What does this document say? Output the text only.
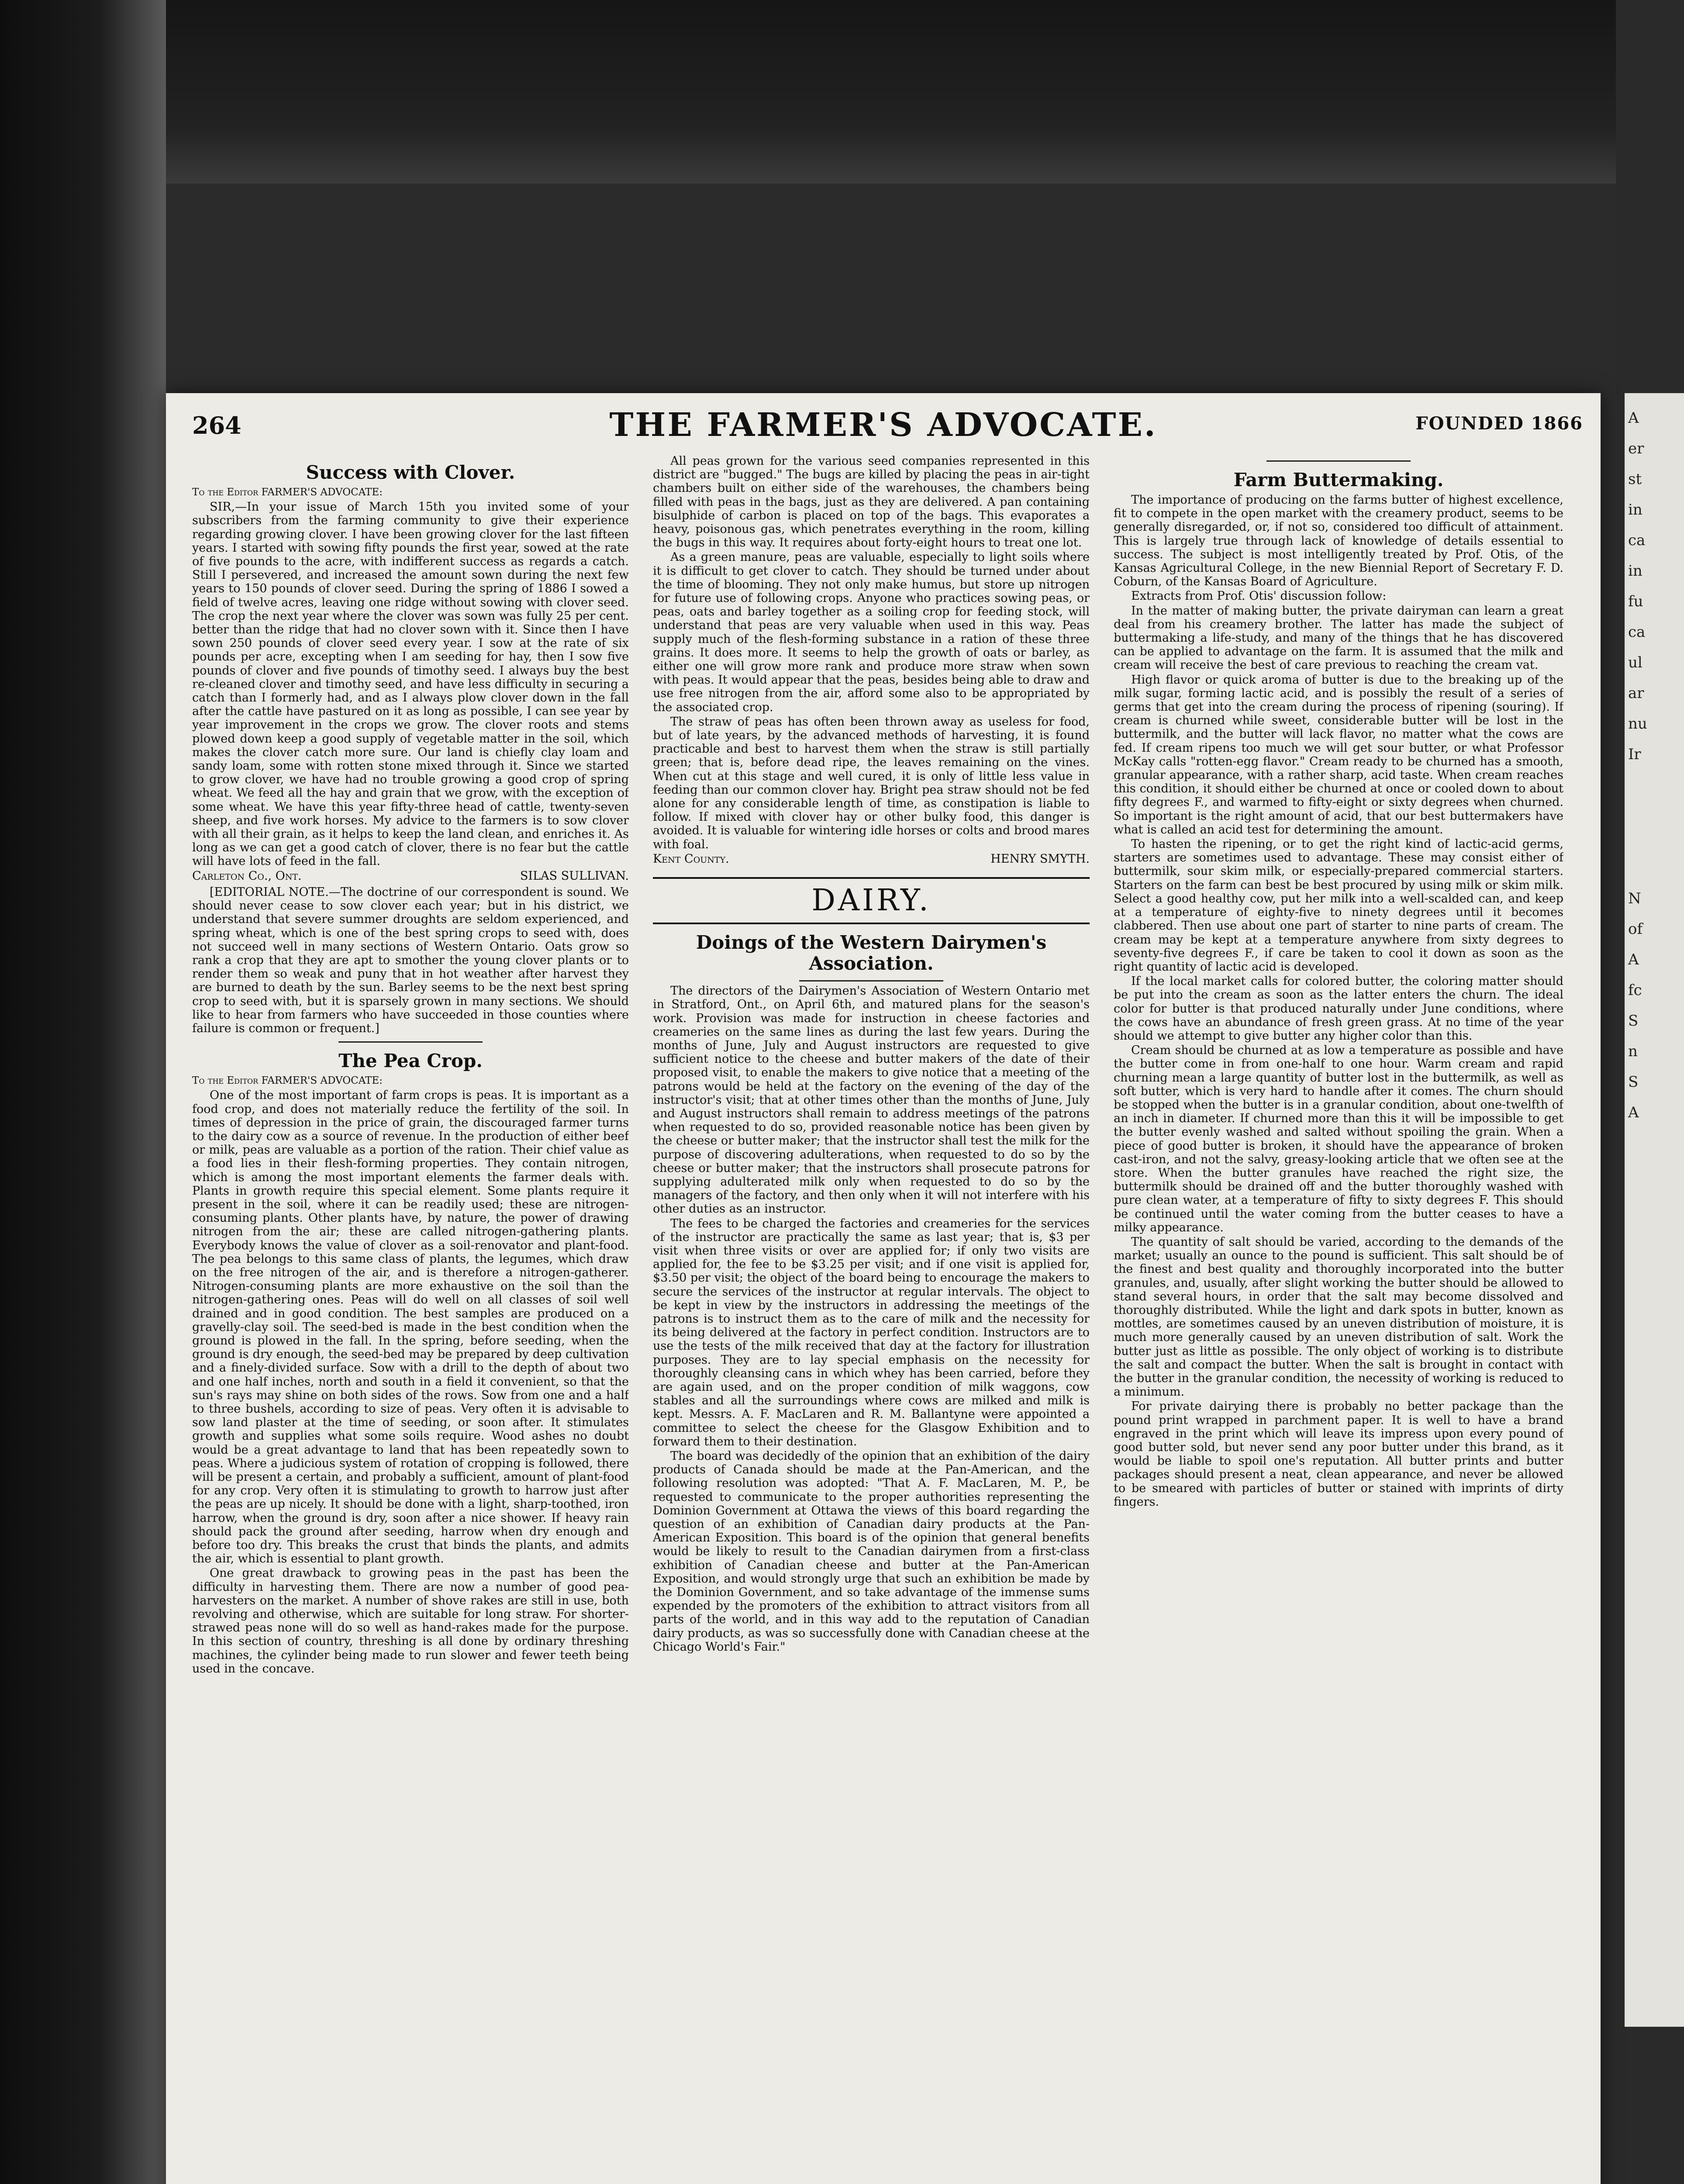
A
er
st
in
ca
in
fu
ca
ul
ar
nu
Ir
N
of
A
fc
S
n
S
A
264	THE FARMER'S ADVOCATE.	FOUNDED 1866
Success with Clover.

To the Editor FARMER'S ADVOCATE:

SIR,—In your issue of March 15th you invited some of your subscribers from the farming community to give their experience regarding growing clover. I have been growing clover for the last fifteen years. I started with sowing fifty pounds the first year, sowed at the rate of five pounds to the acre, with indifferent success as regards a catch. Still I persevered, and increased the amount sown during the next few years to 150 pounds of clover seed. During the spring of 1886 I sowed a field of twelve acres, leaving one ridge without sowing with clover seed. The crop the next year where the clover was sown was fully 25 per cent. better than the ridge that had no clover sown with it. Since then I have sown 250 pounds of clover seed every year. I sow at the rate of six pounds per acre, excepting when I am seeding for hay, then I sow five pounds of clover and five pounds of timothy seed. I always buy the best re-cleaned clover and timothy seed, and have less difficulty in securing a catch than I formerly had, and as I always plow clover down in the fall after the cattle have pastured on it as long as possible, I can see year by year improvement in the crops we grow. The clover roots and stems plowed down keep a good supply of vegetable matter in the soil, which makes the clover catch more sure. Our land is chiefly clay loam and sandy loam, some with rotten stone mixed through it. Since we started to grow clover, we have had no trouble growing a good crop of spring wheat. We feed all the hay and grain that we grow, with the exception of some wheat. We have this year fifty-three head of cattle, twenty-seven sheep, and five work horses. My advice to the farmers is to sow clover with all their grain, as it helps to keep the land clean, and enriches it. As long as we can get a good catch of clover, there is no fear but the cattle will have lots of feed in the fall.

Carleton Co., Ont.	SILAS SULLIVAN.

[EDITORIAL NOTE.—The doctrine of our correspondent is sound. We should never cease to sow clover each year; but in his district, we understand that severe summer droughts are seldom experienced, and spring wheat, which is one of the best spring crops to seed with, does not succeed well in many sections of Western Ontario. Oats grow so rank a crop that they are apt to smother the young clover plants or to render them so weak and puny that in hot weather after harvest they are burned to death by the sun. Barley seems to be the next best spring crop to seed with, but it is sparsely grown in many sections. We should like to hear from farmers who have succeeded in those counties where failure is common or frequent.]

The Pea Crop.

To the Editor FARMER'S ADVOCATE:

One of the most important of farm crops is peas. It is important as a food crop, and does not materially reduce the fertility of the soil. In times of depression in the price of grain, the discouraged farmer turns to the dairy cow as a source of revenue. In the production of either beef or milk, peas are valuable as a portion of the ration. Their chief value as a food lies in their flesh-forming properties. They contain nitrogen, which is among the most important elements the farmer deals with. Plants in growth require this special element. Some plants require it present in the soil, where it can be readily used; these are nitrogen-consuming plants. Other plants have, by nature, the power of drawing nitrogen from the air; these are called nitrogen-gathering plants. Everybody knows the value of clover as a soil-renovator and plant-food. The pea belongs to this same class of plants, the legumes, which draw on the free nitrogen of the air, and is therefore a nitrogen-gatherer. Nitrogen-consuming plants are more exhaustive on the soil than the nitrogen-gathering ones. Peas will do well on all classes of soil well drained and in good condition. The best samples are produced on a gravelly-clay soil. The seed-bed is made in the best condition when the ground is plowed in the fall. In the spring, before seeding, when the ground is dry enough, the seed-bed may be prepared by deep cultivation and a finely-divided surface. Sow with a drill to the depth of about two and one half inches, north and south in a field it convenient, so that the sun's rays may shine on both sides of the rows. Sow from one and a half to three bushels, according to size of peas. Very often it is advisable to sow land plaster at the time of seeding, or soon after. It stimulates growth and supplies what some soils require. Wood ashes no doubt would be a great advantage to land that has been repeatedly sown to peas. Where a judicious system of rotation of cropping is followed, there will be present a certain, and probably a sufficient, amount of plant-food for any crop. Very often it is stimulating to growth to harrow just after the peas are up nicely. It should be done with a light, sharp-toothed, iron harrow, when the ground is dry, soon after a nice shower. If heavy rain should pack the ground after seeding, harrow when dry enough and before too dry. This breaks the crust that binds the plants, and admits the air, which is essential to plant growth.

One great drawback to growing peas in the past has been the difficulty in harvesting them. There are now a number of good pea-harvesters on the market. A number of shove rakes are still in use, both revolving and otherwise, which are suitable for long straw. For shorter-strawed peas none will do so well as hand-rakes made for the purpose. In this section of country, threshing is all done by ordinary threshing machines, the cylinder being made to run slower and fewer teeth being used in the concave.

All peas grown for the various seed companies represented in this district are "bugged." The bugs are killed by placing the peas in air-tight chambers built on either side of the warehouses, the chambers being filled with peas in the bags, just as they are delivered. A pan containing bisulphide of carbon is placed on top of the bags. This evaporates a heavy, poisonous gas, which penetrates everything in the room, killing the bugs in this way. It requires about forty-eight hours to treat one lot.

As a green manure, peas are valuable, especially to light soils where it is difficult to get clover to catch. They should be turned under about the time of blooming. They not only make humus, but store up nitrogen for future use of following crops. Anyone who practices sowing peas, or peas, oats and barley together as a soiling crop for feeding stock, will understand that peas are very valuable when used in this way. Peas supply much of the flesh-forming substance in a ration of these three grains. It does more. It seems to help the growth of oats or barley, as either one will grow more rank and produce more straw when sown with peas. It would appear that the peas, besides being able to draw and use free nitrogen from the air, afford some also to be appropriated by the associated crop.

The straw of peas has often been thrown away as useless for food, but of late years, by the advanced methods of harvesting, it is found practicable and best to harvest them when the straw is still partially green; that is, before dead ripe, the leaves remaining on the vines. When cut at this stage and well cured, it is only of little less value in feeding than our common clover hay. Bright pea straw should not be fed alone for any considerable length of time, as constipation is liable to follow. If mixed with clover hay or other bulky food, this danger is avoided. It is valuable for wintering idle horses or colts and brood mares with foal.

Kent County.	HENRY SMYTH.
DAIRY.
Doings of the Western Dairymen's Association.

The directors of the Dairymen's Association of Western Ontario met in Stratford, Ont., on April 6th, and matured plans for the season's work. Provision was made for instruction in cheese factories and creameries on the same lines as during the last few years. During the months of June, July and August instructors are requested to give sufficient notice to the cheese and butter makers of the date of their proposed visit, to enable the makers to give notice that a meeting of the patrons would be held at the factory on the evening of the day of the instructor's visit; that at other times other than the months of June, July and August instructors shall remain to address meetings of the patrons when requested to do so, provided reasonable notice has been given by the cheese or butter maker; that the instructor shall test the milk for the purpose of discovering adulterations, when requested to do so by the cheese or butter maker; that the instructors shall prosecute patrons for supplying adulterated milk only when requested to do so by the managers of the factory, and then only when it will not interfere with his other duties as an instructor.

The fees to be charged the factories and creameries for the services of the instructor are practically the same as last year; that is, $3 per visit when three visits or over are applied for; if only two visits are applied for, the fee to be $3.25 per visit; and if one visit is applied for, $3.50 per visit; the object of the board being to encourage the makers to secure the services of the instructor at regular intervals. The object to be kept in view by the instructors in addressing the meetings of the patrons is to instruct them as to the care of milk and the necessity for its being delivered at the factory in perfect condition. Instructors are to use the tests of the milk received that day at the factory for illustration purposes. They are to lay special emphasis on the necessity for thoroughly cleansing cans in which whey has been carried, before they are again used, and on the proper condition of milk waggons, cow stables and all the surroundings where cows are milked and milk is kept. Messrs. A. F. MacLaren and R. M. Ballantyne were appointed a committee to select the cheese for the Glasgow Exhibition and to forward them to their destination.

The board was decidedly of the opinion that an exhibition of the dairy products of Canada should be made at the Pan-American, and the following resolution was adopted: "That A. F. MacLaren, M. P., be requested to communicate to the proper authorities representing the Dominion Government at Ottawa the views of this board regarding the question of an exhibition of Canadian dairy products at the Pan-American Exposition. This board is of the opinion that general benefits would be likely to result to the Canadian dairymen from a first-class exhibition of Canadian cheese and butter at the Pan-American Exposition, and would strongly urge that such an exhibition be made by the Dominion Government, and so take advantage of the immense sums expended by the promoters of the exhibition to attract visitors from all parts of the world, and in this way add to the reputation of Canadian dairy products, as was so successfully done with Canadian cheese at the Chicago World's Fair."

Farm Buttermaking.

The importance of producing on the farms butter of highest excellence, fit to compete in the open market with the creamery product, seems to be generally disregarded, or, if not so, considered too difficult of attainment. This is largely true through lack of knowledge of details essential to success. The subject is most intelligently treated by Prof. Otis, of the Kansas Agricultural College, in the new Biennial Report of Secretary F. D. Coburn, of the Kansas Board of Agriculture.

Extracts from Prof. Otis' discussion follow:

In the matter of making butter, the private dairyman can learn a great deal from his creamery brother. The latter has made the subject of buttermaking a life-study, and many of the things that he has discovered can be applied to advantage on the farm. It is assumed that the milk and cream will receive the best of care previous to reaching the cream vat.

High flavor or quick aroma of butter is due to the breaking up of the milk sugar, forming lactic acid, and is possibly the result of a series of germs that get into the cream during the process of ripening (souring). If cream is churned while sweet, considerable butter will be lost in the buttermilk, and the butter will lack flavor, no matter what the cows are fed. If cream ripens too much we will get sour butter, or what Professor McKay calls "rotten-egg flavor." Cream ready to be churned has a smooth, granular appearance, with a rather sharp, acid taste. When cream reaches this condition, it should either be churned at once or cooled down to about fifty degrees F., and warmed to fifty-eight or sixty degrees when churned. So important is the right amount of acid, that our best buttermakers have what is called an acid test for determining the amount.

To hasten the ripening, or to get the right kind of lactic-acid germs, starters are sometimes used to advantage. These may consist either of buttermilk, sour skim milk, or especially-prepared commercial starters. Starters on the farm can best be best procured by using milk or skim milk. Select a good healthy cow, put her milk into a well-scalded can, and keep at a temperature of eighty-five to ninety degrees until it becomes clabbered. Then use about one part of starter to nine parts of cream. The cream may be kept at a temperature anywhere from sixty degrees to seventy-five degrees F., if care be taken to cool it down as soon as the right quantity of lactic acid is developed.

If the local market calls for colored butter, the coloring matter should be put into the cream as soon as the latter enters the churn. The ideal color for butter is that produced naturally under June conditions, where the cows have an abundance of fresh green grass. At no time of the year should we attempt to give butter any higher color than this.

Cream should be churned at as low a temperature as possible and have the butter come in from one-half to one hour. Warm cream and rapid churning mean a large quantity of butter lost in the buttermilk, as well as soft butter, which is very hard to handle after it comes. The churn should be stopped when the butter is in a granular condition, about one-twelfth of an inch in diameter. If churned more than this it will be impossible to get the butter evenly washed and salted without spoiling the grain. When a piece of good butter is broken, it should have the appearance of broken cast-iron, and not the salvy, greasy-looking article that we often see at the store. When the butter granules have reached the right size, the buttermilk should be drained off and the butter thoroughly washed with pure clean water, at a temperature of fifty to sixty degrees F. This should be continued until the water coming from the butter ceases to have a milky appearance.

The quantity of salt should be varied, according to the demands of the market; usually an ounce to the pound is sufficient. This salt should be of the finest and best quality and thoroughly incorporated into the butter granules, and, usually, after slight working the butter should be allowed to stand several hours, in order that the salt may become dissolved and thoroughly distributed. While the light and dark spots in butter, known as mottles, are sometimes caused by an uneven distribution of moisture, it is much more generally caused by an uneven distribution of salt. Work the butter just as little as possible. The only object of working is to distribute the salt and compact the butter. When the salt is brought in contact with the butter in the granular condition, the necessity of working is reduced to a minimum.

For private dairying there is probably no better package than the pound print wrapped in parchment paper. It is well to have a brand engraved in the print which will leave its impress upon every pound of good butter sold, but never send any poor butter under this brand, as it would be liable to spoil one's reputation. All butter prints and butter packages should present a neat, clean appearance, and never be allowed to be smeared with particles of butter or stained with imprints of dirty fingers.
